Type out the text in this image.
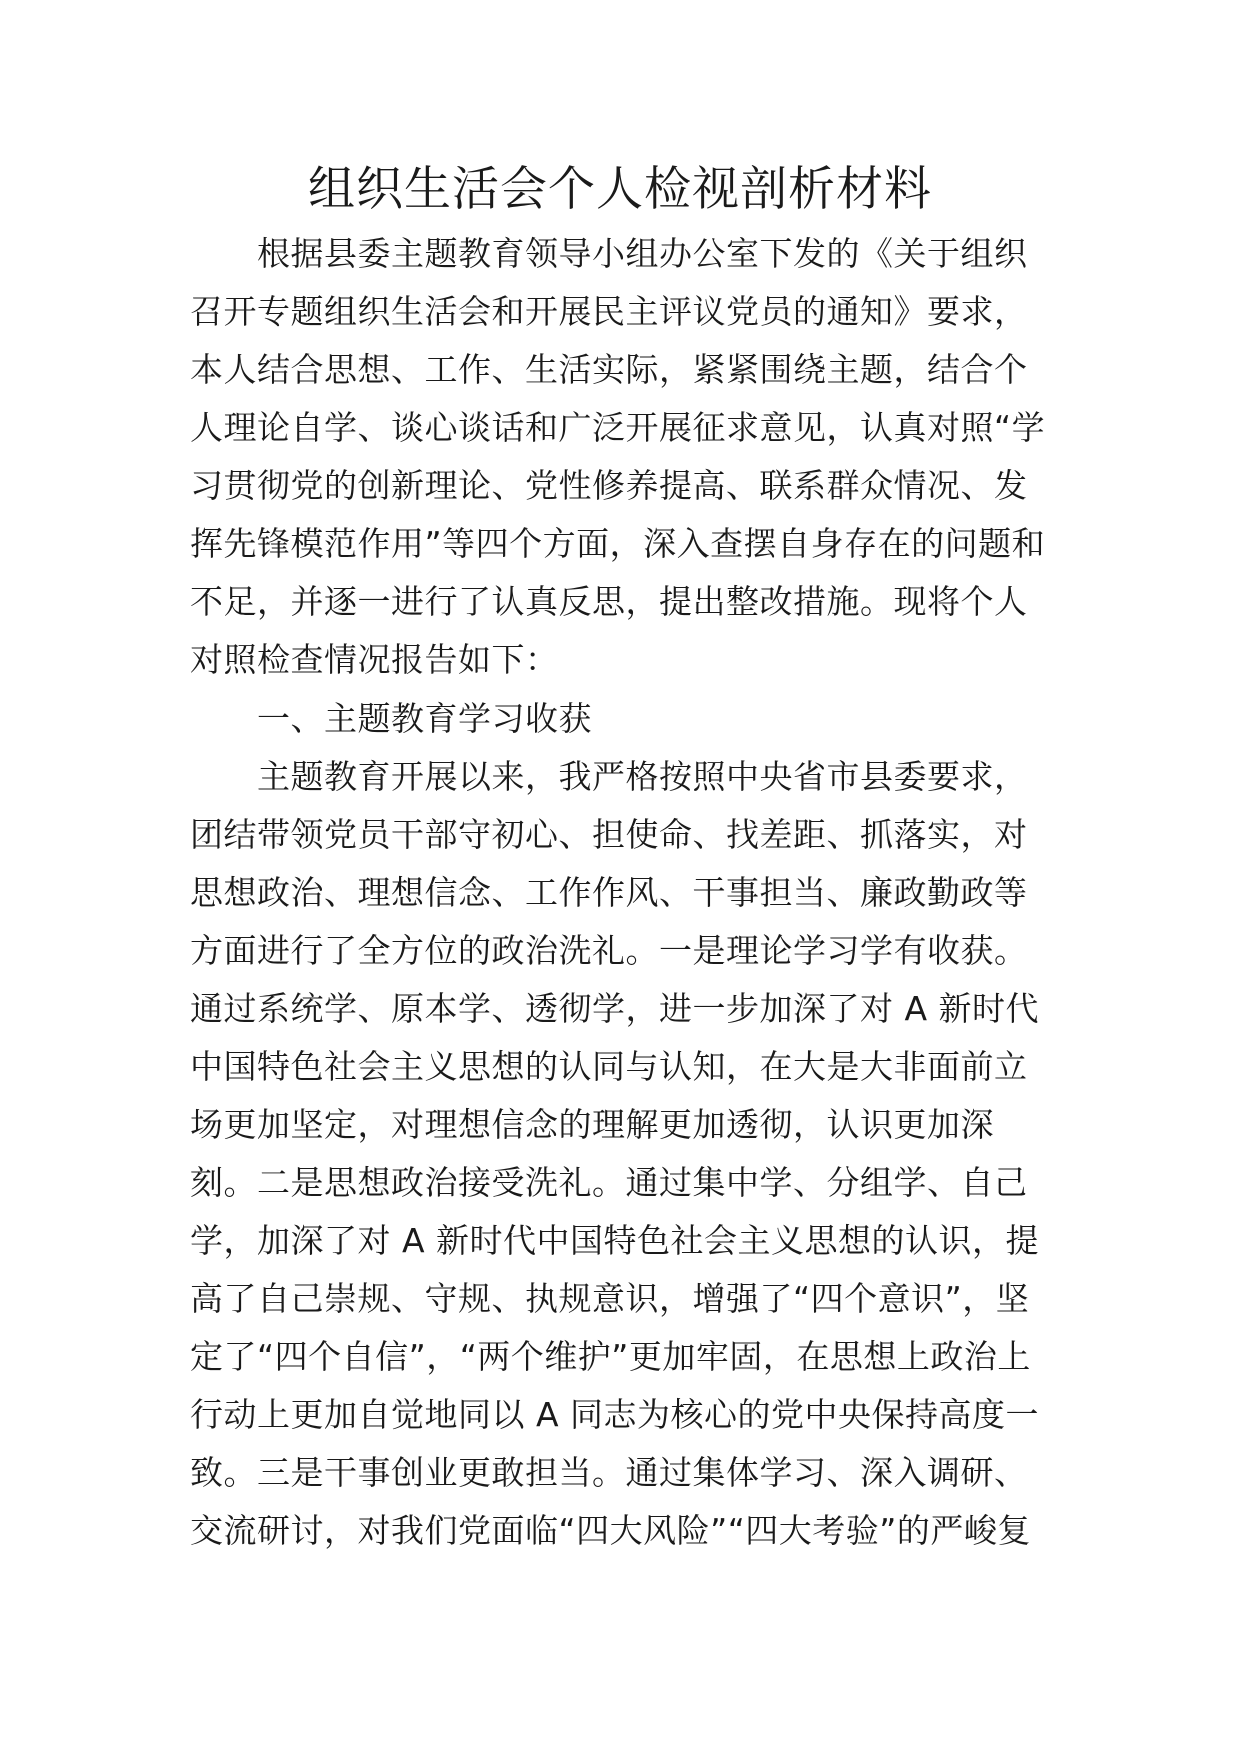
组织生活会个人检视剖析材料
　　根据县委主题教育领导小组办公室下发的《关于组织
召开专题组织生活会和开展民主评议党员的通知》要求，
本人结合思想、工作、生活实际，紧紧围绕主题，结合个
人理论自学、谈心谈话和广泛开展征求意见，认真对照“学
习贯彻党的创新理论、党性修养提高、联系群众情况、发
挥先锋模范作用”等四个方面，深入查摆自身存在的问题和
不足，并逐一进行了认真反思，提出整改措施。现将个人
对照检查情况报告如下：
　　一、主题教育学习收获
　　主题教育开展以来，我严格按照中央省市县委要求，
团结带领党员干部守初心、担使命、找差距、抓落实，对
思想政治、理想信念、工作作风、干事担当、廉政勤政等
方面进行了全方位的政治洗礼。一是理论学习学有收获。
通过系统学、原本学、透彻学，进一步加深了对 A 新时代
中国特色社会主义思想的认同与认知，在大是大非面前立
场更加坚定，对理想信念的理解更加透彻，认识更加深
刻。二是思想政治接受洗礼。通过集中学、分组学、自己
学，加深了对 A 新时代中国特色社会主义思想的认识，提
高了自己崇规、守规、执规意识，增强了“四个意识”，坚
定了“四个自信”，“两个维护”更加牢固，在思想上政治上
行动上更加自觉地同以 A 同志为核心的党中央保持高度一
致。三是干事创业更敢担当。通过集体学习、深入调研、
交流研讨，对我们党面临“四大风险”“四大考验”的严峻复
